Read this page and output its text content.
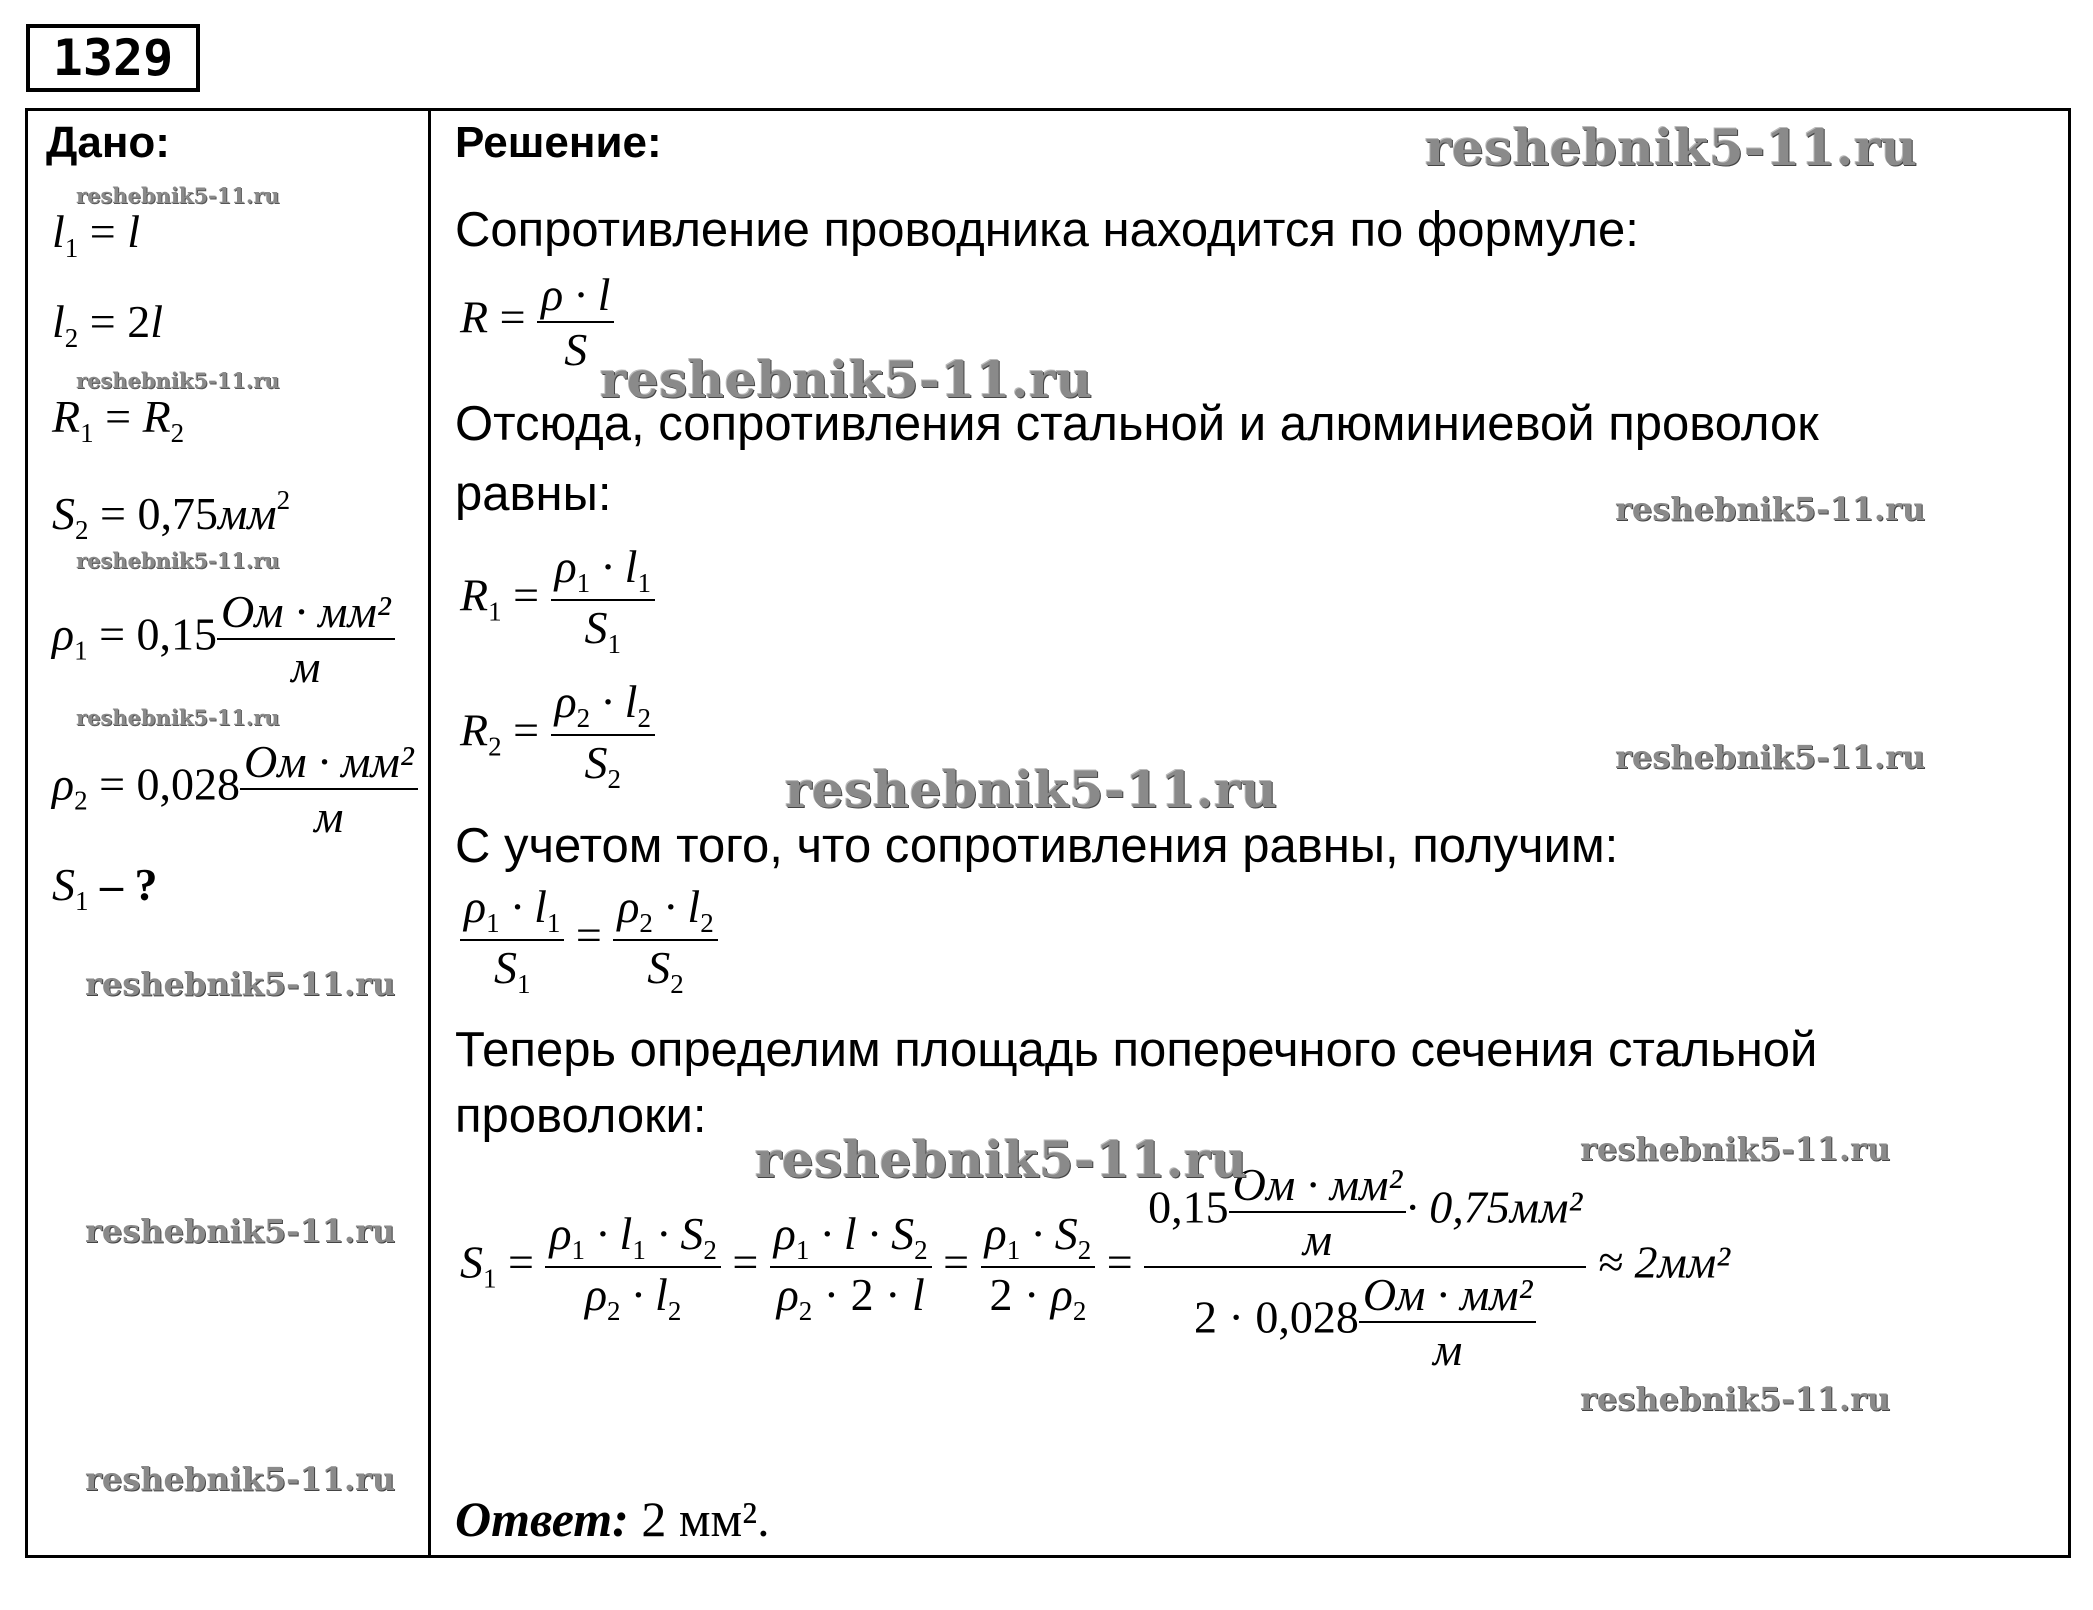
1329
Дано:
$l_1 = l$
$l_2 = 2l$
$R_1 = R_2$
$S_2 = 0,75мм^2$
$\rho_1 = 0,15 \frac{\text{Ом · мм²}}{м}$
$\rho_2 = 0,028 \frac{\text{Ом · мм²}}{м}$
$S_1$ – ?
Решение:
Сопротивление проводника находится по формуле:
$R = \frac{\rho \cdot l}{S}$
Отсюда, сопротивления стальной и алюминиевой проволок
равны:
$R_1 = \frac{\rho_1 \cdot l_1}{S_1}$
$R_2 = \frac{\rho_2 \cdot l_2}{S_2}$
С учетом того, что сопротивления равны, получим:
$\frac{\rho_1 \cdot l_1}{S_1} = \frac{\rho_2 \cdot l_2}{S_2}$
Теперь определим площадь поперечного сечения стальной
проволоки:
$S_1 = \frac{\rho_1 \cdot l_1 \cdot S_2}{\rho_2 \cdot l_2} = \frac{\rho_1 \cdot l \cdot S_2}{\rho_2 \cdot 2 \cdot l} = \frac{\rho_1 \cdot S_2}{2 \cdot \rho_2} = \frac{0,15 \frac{\text{Ом · мм²}}{м} \cdot 0,75мм^2}{2 \cdot 0,028 \frac{\text{Ом · мм²}}{м}} \approx 2мм^2$
Ответ: 2 мм².
reshebnik5-11.ru
reshebnik5-11.ru
reshebnik5-11.ru
reshebnik5-11.ru
reshebnik5-11.ru
reshebnik5-11.ru
reshebnik5-11.ru
reshebnik5-11.ru
reshebnik5-11.ru
reshebnik5-11.ru
reshebnik5-11.ru
reshebnik5-11.ru
reshebnik5-11.ru
reshebnik5-11.ru
reshebnik5-11.ru
